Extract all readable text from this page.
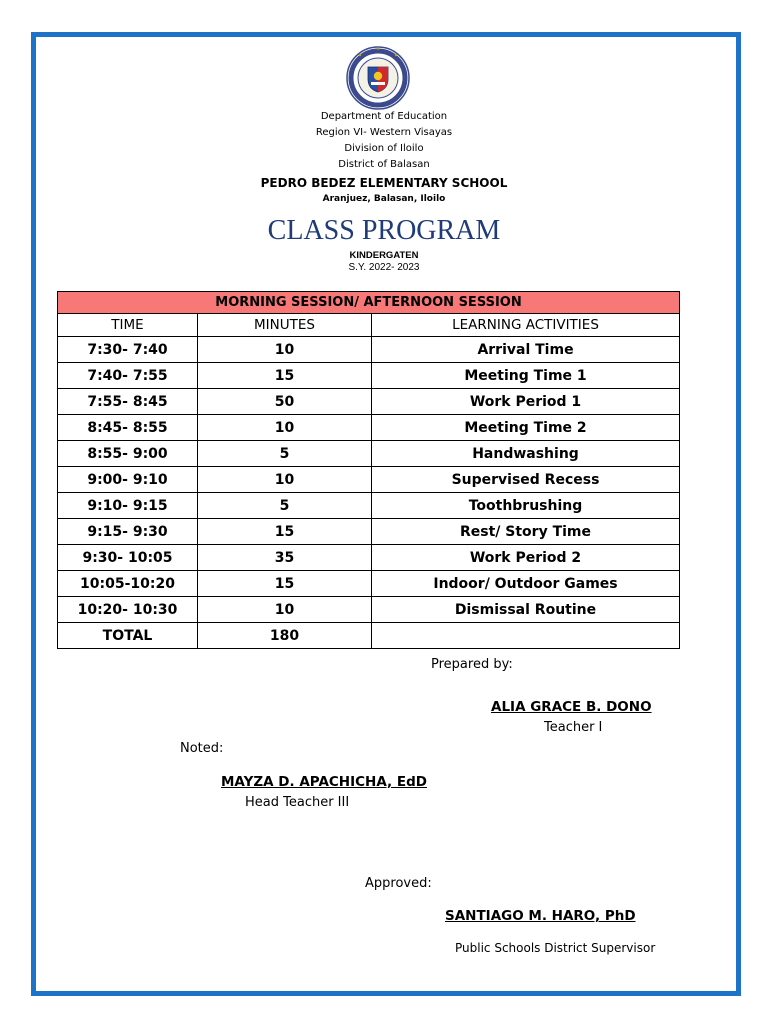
Department of Education
Region VI- Western Visayas
Division of Iloilo
District of Balasan
PEDRO BEDEZ ELEMENTARY SCHOOL
Aranjuez, Balasan, Iloilo
CLASS PROGRAM
KINDERGATEN
S.Y. 2022- 2023
MORNING SESSION/ AFTERNOON SESSION		
TIME	MINUTES	LEARNING ACTIVITIES
7:30- 7:40	10	Arrival Time
7:40- 7:55	15	Meeting Time 1
7:55- 8:45	50	Work Period 1
8:45- 8:55	10	Meeting Time 2
8:55- 9:00	5	Handwashing
9:00- 9:10	10	Supervised Recess
9:10- 9:15	5	Toothbrushing
9:15- 9:30	15	Rest/ Story Time
9:30- 10:05	35	Work Period 2
10:05-10:20	15	Indoor/ Outdoor Games
10:20- 10:30	10	Dismissal Routine
TOTAL	180	
Prepared by:
ALIA GRACE B. DONO
Teacher I
Noted:
MAYZA D. APACHICHA, EdD
Head Teacher III
Approved:
SANTIAGO M. HARO, PhD
Public Schools District Supervisor
